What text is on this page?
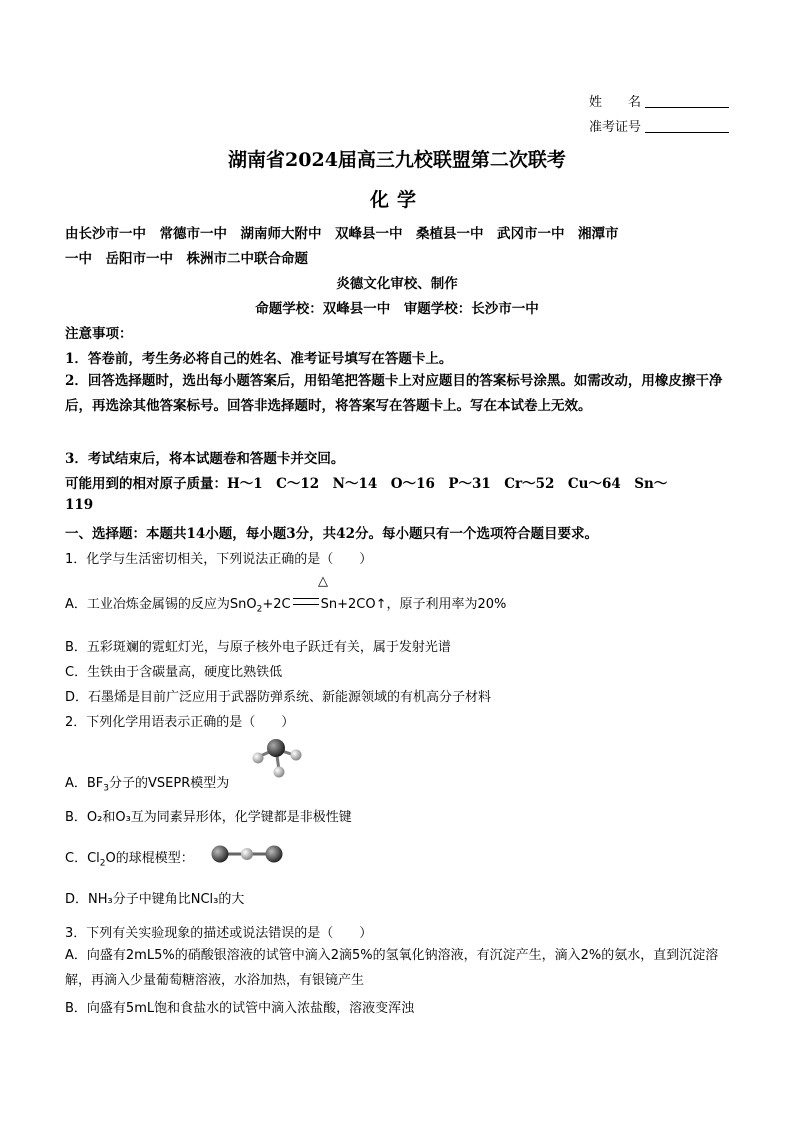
姓　　名
准考证号
湖南省2024届高三九校联盟第二次联考
化学
由长沙市一中　常德市一中　湖南师大附中　双峰县一中　桑植县一中　武冈市一中　湘潭市
一中　岳阳市一中　株洲市二中联合命题
炎德文化审校、制作
命题学校：双峰县一中　审题学校：长沙市一中
注意事项：
1．答卷前，考生务必将自己的姓名、准考证号填写在答题卡上。
2．回答选择题时，选出每小题答案后，用铅笔把答题卡上对应题目的答案标号涂黑。如需改动，用橡皮擦干净后，再选涂其他答案标号。回答非选择题时，将答案写在答题卡上。写在本试卷上无效。
3．考试结束后，将本试题卷和答题卡并交回。
可能用到的相对原子质量：H～1　C～12　N～14　O～16　P～31　Cr～52　Cu～64　Sn～
119
一、选择题：本题共14小题，每小题3分，共42分。每小题只有一个选项符合题目要求。
1．化学与生活密切相关，下列说法正确的是（　　）
△
A．工业冶炼金属锡的反应为SnO$_2$+2C Sn+2CO↑，原子利用率为20%
B．五彩斑斓的霓虹灯光，与原子核外电子跃迁有关，属于发射光谱
C．生铁由于含碳量高，硬度比熟铁低
D．石墨烯是目前广泛应用于武器防弹系统、新能源领域的有机高分子材料
2．下列化学用语表示正确的是（　　）
A．$BF_3$分子的VSEPR模型为
B．O₂和O₃互为同素异形体，化学键都是非极性键
C．$Cl_2O$的球棍模型：
D．NH₃分子中键角比NCl₃的大
3．下列有关实验现象的描述或说法错误的是（　　）
A．向盛有2mL5%的硝酸银溶液的试管中滴入2滴5%的氢氧化钠溶液，有沉淀产生，滴入2%的氨水，直到沉淀溶解，再滴入少量葡萄糖溶液，水浴加热，有银镜产生
B．向盛有5mL饱和食盐水的试管中滴入浓盐酸，溶液变浑浊
